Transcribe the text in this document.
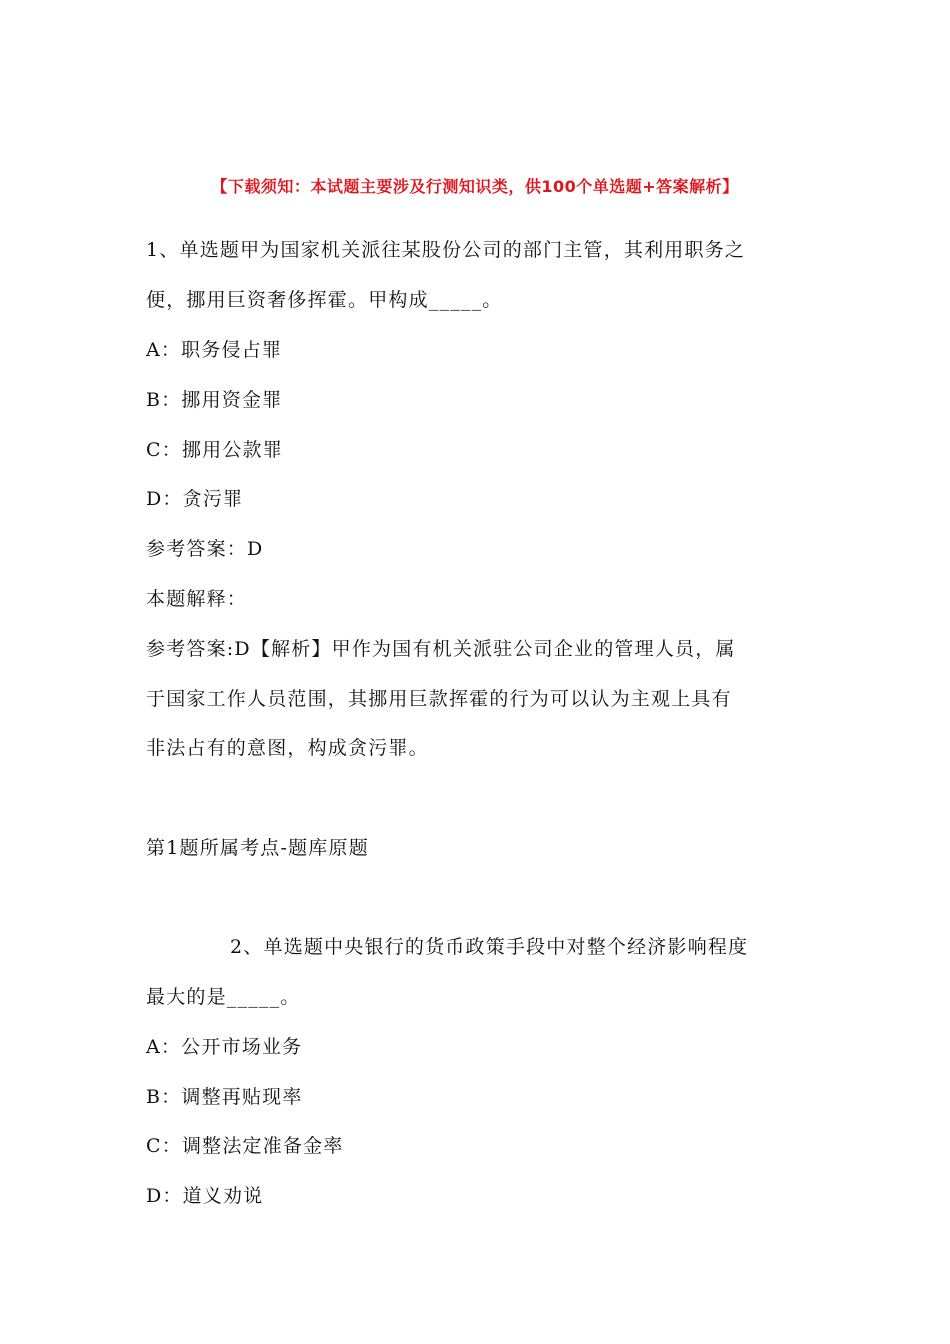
【下载须知：本试题主要涉及行测知识类，供100个单选题+答案解析】
1、单选题甲为国家机关派往某股份公司的部门主管，其利用职务之
便，挪用巨资奢侈挥霍。甲构成_____。
A：职务侵占罪
B：挪用资金罪
C：挪用公款罪
D：贪污罪
参考答案：D
本题解释：
参考答案:D【解析】甲作为国有机关派驻公司企业的管理人员，属
于国家工作人员范围，其挪用巨款挥霍的行为可以认为主观上具有
非法占有的意图，构成贪污罪。
第1题所属考点-题库原题
2、单选题中央银行的货币政策手段中对整个经济影响程度
最大的是_____。
A：公开市场业务
B：调整再贴现率
C：调整法定准备金率
D：道义劝说
